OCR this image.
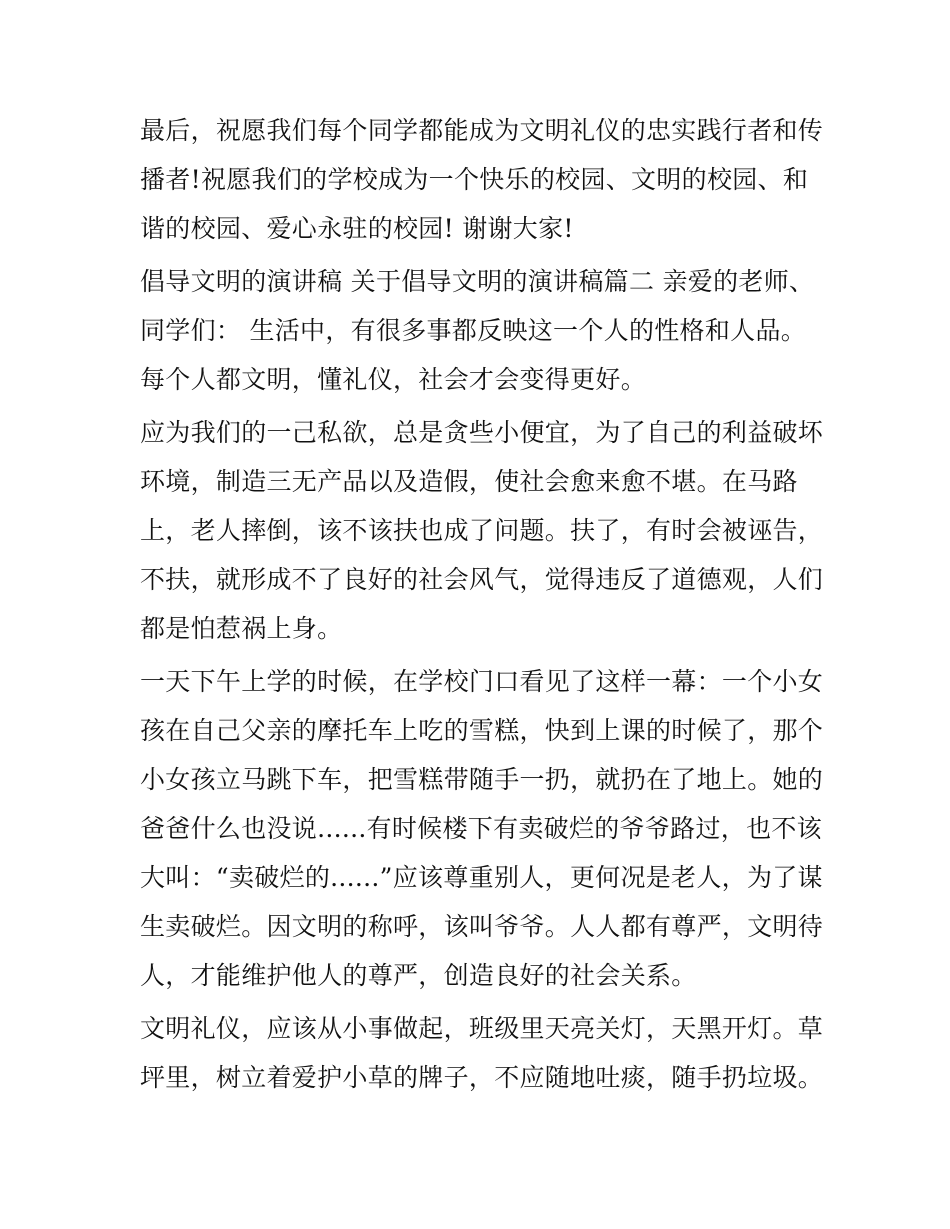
最后，祝愿我们每个同学都能成为文明礼仪的忠实践行者和传
播者!祝愿我们的学校成为一个快乐的校园、文明的校园、和
谐的校园、爱心永驻的校园! 谢谢大家!
倡导文明的演讲稿 关于倡导文明的演讲稿篇二 亲爱的老师、
同学们： 生活中，有很多事都反映这一个人的性格和人品。
每个人都文明，懂礼仪，社会才会变得更好。
应为我们的一己私欲，总是贪些小便宜，为了自己的利益破坏
环境，制造三无产品以及造假，使社会愈来愈不堪。在马路
上，老人摔倒，该不该扶也成了问题。扶了，有时会被诬告，
不扶，就形成不了良好的社会风气，觉得违反了道德观，人们
都是怕惹祸上身。
一天下午上学的时候，在学校门口看见了这样一幕：一个小女
孩在自己父亲的摩托车上吃的雪糕，快到上课的时候了，那个
小女孩立马跳下车，把雪糕带随手一扔，就扔在了地上。她的
爸爸什么也没说......有时候楼下有卖破烂的爷爷路过，也不该
大叫：“卖破烂的......”应该尊重别人，更何况是老人，为了谋
生卖破烂。因文明的称呼，该叫爷爷。人人都有尊严，文明待
人，才能维护他人的尊严，创造良好的社会关系。
文明礼仪，应该从小事做起，班级里天亮关灯，天黑开灯。草
坪里，树立着爱护小草的牌子，不应随地吐痰，随手扔垃圾。
